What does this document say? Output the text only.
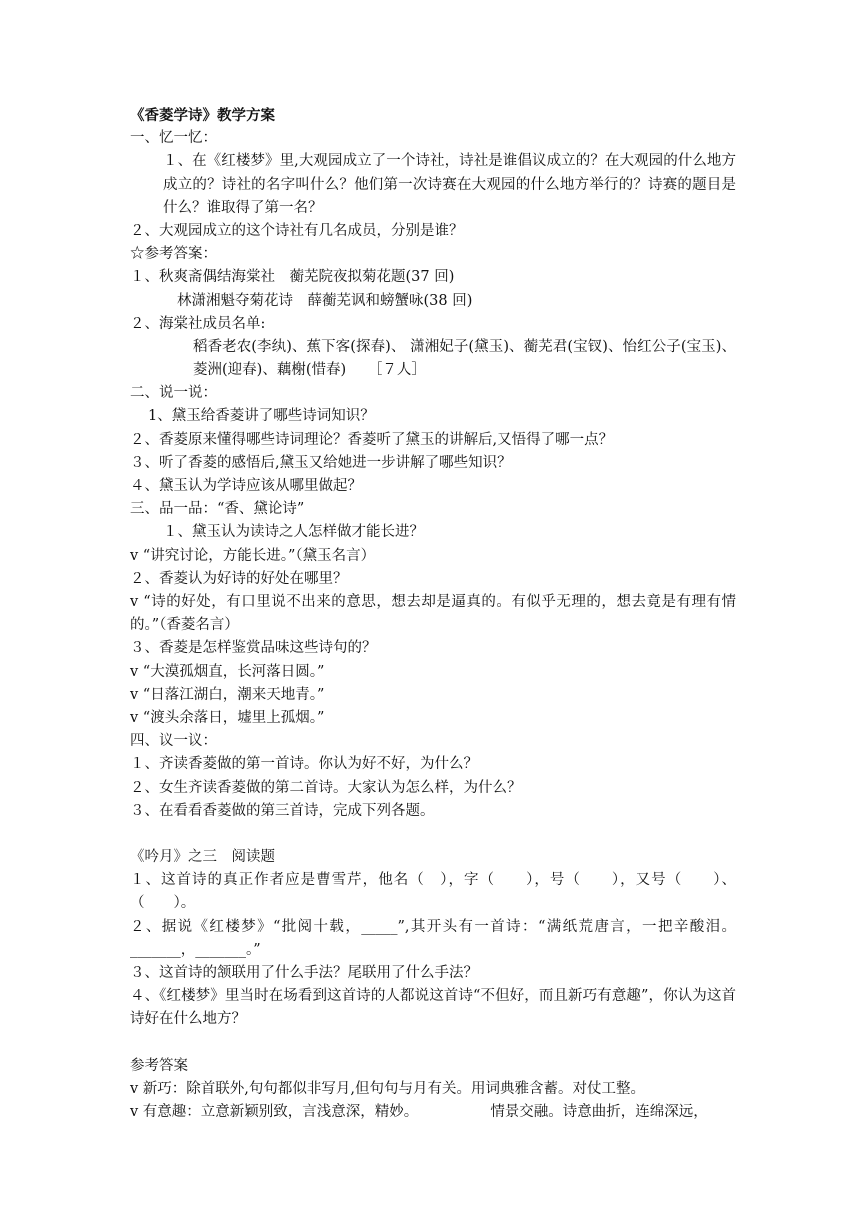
《香菱学诗》教学方案
一、忆一忆：
１、在《红楼梦》里,大观园成立了一个诗社，诗社是谁倡议成立的？在大观园的什么地方成立的？诗社的名字叫什么？他们第一次诗赛在大观园的什么地方举行的？诗赛的题目是什么？谁取得了第一名？
２、大观园成立的这个诗社有几名成员，分别是谁？
☆参考答案：
１、秋爽斋偶结海棠社　蘅芜院夜拟菊花题(37 回)
林潇湘魁夺菊花诗　薛蘅芜讽和螃蟹咏(38 回)
２、海棠社成员名单:
稻香老农(李纨)、蕉下客(探春)、 潇湘妃子(黛玉)、蘅芜君(宝钗)、怡红公子(宝玉)、菱洲(迎春)、藕榭(惜春)　　［７人］
二、说一说：
1、黛玉给香菱讲了哪些诗词知识？
２、香菱原来懂得哪些诗词理论？香菱听了黛玉的讲解后,又悟得了哪一点？
３、听了香菱的感悟后,黛玉又给她进一步讲解了哪些知识？
４、黛玉认为学诗应该从哪里做起？
三、品一品：“香、黛论诗”
１、黛玉认为读诗之人怎样做才能长进？
v “讲究讨论，方能长进。”（黛玉名言）
２、香菱认为好诗的好处在哪里？
v “诗的好处，有口里说不出来的意思，想去却是逼真的。有似乎无理的，想去竟是有理有情的。”（香菱名言）
３、香菱是怎样鉴赏品味这些诗句的？
v “大漠孤烟直，长河落日圆。”
v “日落江湖白，潮来天地青。”
v “渡头余落日，墟里上孤烟。”
四、议一议：
１、齐读香菱做的第一首诗。你认为好不好，为什么？
２、女生齐读香菱做的第二首诗。大家认为怎么样，为什么？
３、在看看香菱做的第三首诗，完成下列各题。
《吟月》之三　阅读题
１、这首诗的真正作者应是曹雪芹，他名（　），字（　　），号（　　），又号（　　）、（　　）。
２、据说《红楼梦》“批阅十载，_____”,其开头有一首诗：“满纸荒唐言，一把辛酸泪。_______，_______。”
３、这首诗的颔联用了什么手法？尾联用了什么手法？
４、《红楼梦》里当时在场看到这首诗的人都说这首诗“不但好，而且新巧有意趣”，你认为这首诗好在什么地方？
参考答案
v 新巧：除首联外,句句都似非写月,但句句与月有关。用词典雅含蓄。对仗工整。
v 有意趣：立意新颖别致，言浅意深，精妙。	情景交融。诗意曲折，连绵深远，
